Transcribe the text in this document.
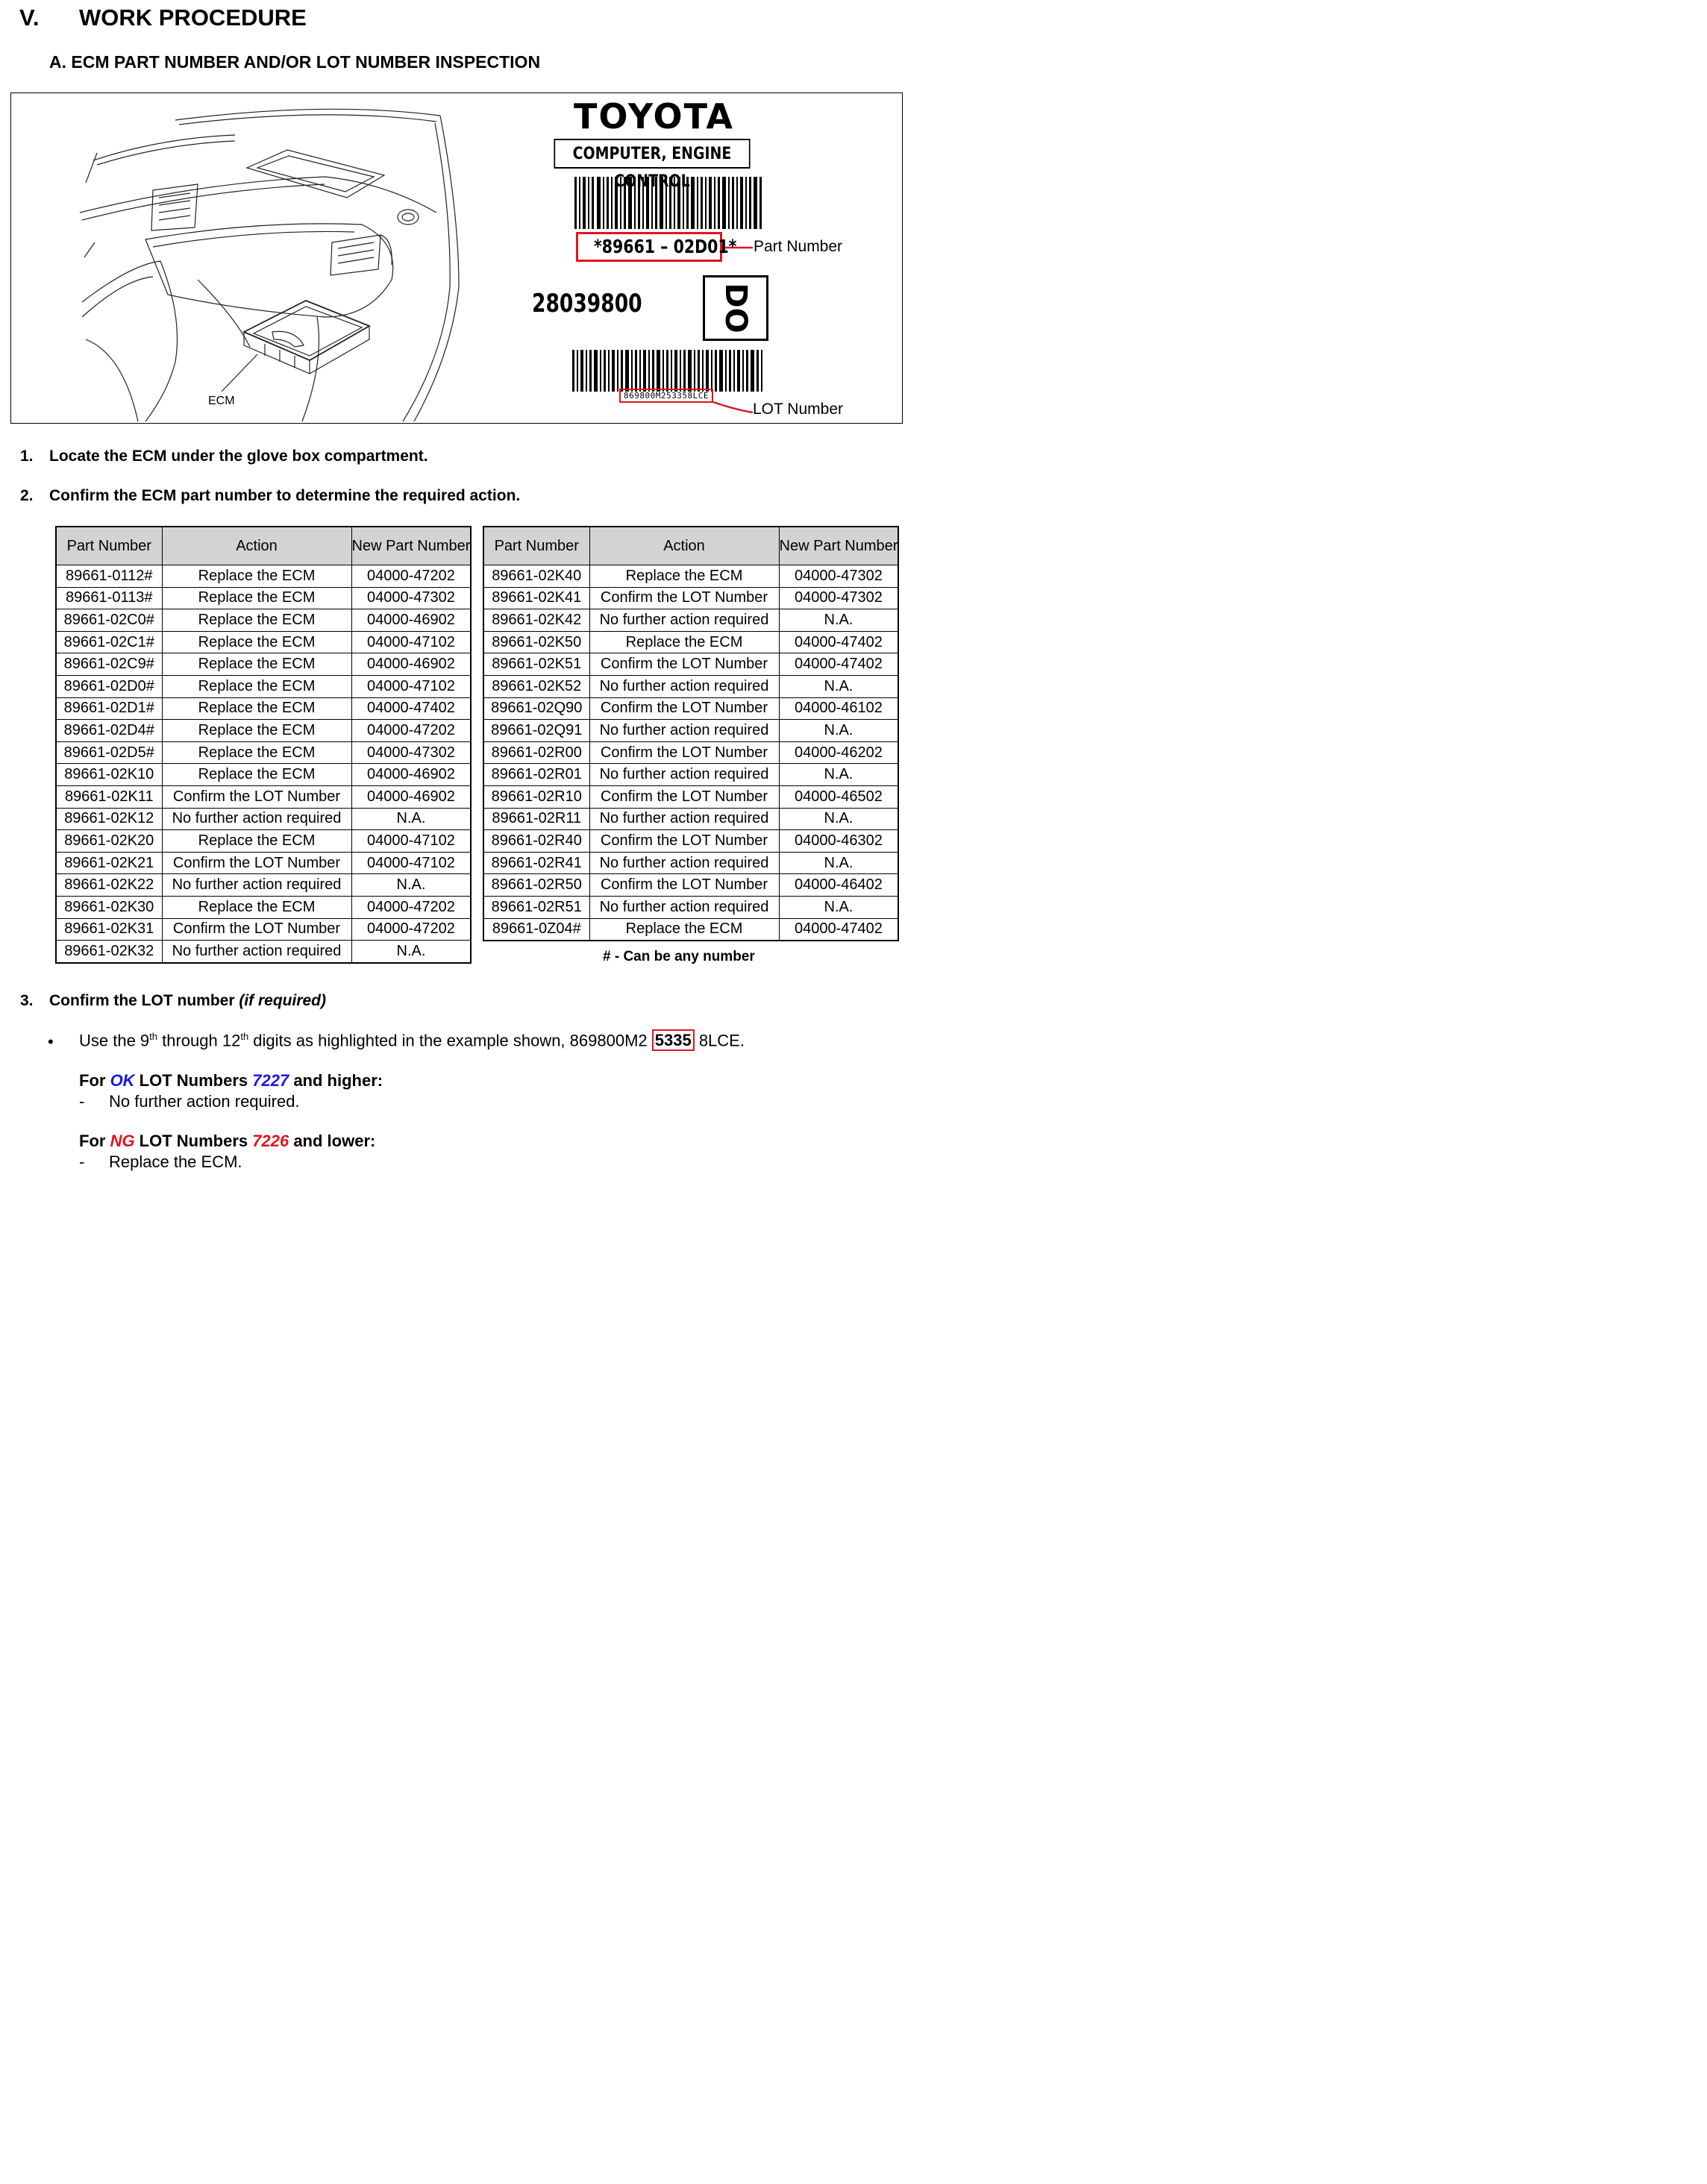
V. WORK PROCEDURE
A. ECM PART NUMBER AND/OR LOT NUMBER INSPECTION
TOYOTA
COMPUTER, ENGINE CONTROL
*89661 – 02D01* Part Number
28039800	DO
869800M253358LCE
LOT Number
ECM
1. Locate the ECM under the glove box compartment.
2. Confirm the ECM part number to determine the required action.
Part Number	Action	New Part Number
89661-0112#	Replace the ECM	04000-47202
89661-0113#	Replace the ECM	04000-47302
89661-02C0#	Replace the ECM	04000-46902
89661-02C1#	Replace the ECM	04000-47102
89661-02C9#	Replace the ECM	04000-46902
89661-02D0#	Replace the ECM	04000-47102
89661-02D1#	Replace the ECM	04000-47402
89661-02D4#	Replace the ECM	04000-47202
89661-02D5#	Replace the ECM	04000-47302
89661-02K10	Replace the ECM	04000-46902
89661-02K11	Confirm the LOT Number	04000-46902
89661-02K12	No further action required	N.A.
89661-02K20	Replace the ECM	04000-47102
89661-02K21	Confirm the LOT Number	04000-47102
89661-02K22	No further action required	N.A.
89661-02K30	Replace the ECM	04000-47202
89661-02K31	Confirm the LOT Number	04000-47202
89661-02K32	No further action required	N.A.
Part Number	Action	New Part Number
89661-02K40	Replace the ECM	04000-47302
89661-02K41	Confirm the LOT Number	04000-47302
89661-02K42	No further action required	N.A.
89661-02K50	Replace the ECM	04000-47402
89661-02K51	Confirm the LOT Number	04000-47402
89661-02K52	No further action required	N.A.
89661-02Q90	Confirm the LOT Number	04000-46102
89661-02Q91	No further action required	N.A.
89661-02R00	Confirm the LOT Number	04000-46202
89661-02R01	No further action required	N.A.
89661-02R10	Confirm the LOT Number	04000-46502
89661-02R11	No further action required	N.A.
89661-02R40	Confirm the LOT Number	04000-46302
89661-02R41	No further action required	N.A.
89661-02R50	Confirm the LOT Number	04000-46402
89661-02R51	No further action required	N.A.
89661-0Z04#	Replace the ECM	04000-47402
# - Can be any number
3. Confirm the LOT number (if required)
• Use the 9th through 12th digits as highlighted in the example shown, 869800M2 5335 8LCE.
For OK LOT Numbers 7227 and higher:
- No further action required.
For NG LOT Numbers 7226 and lower:
- Replace the ECM.
